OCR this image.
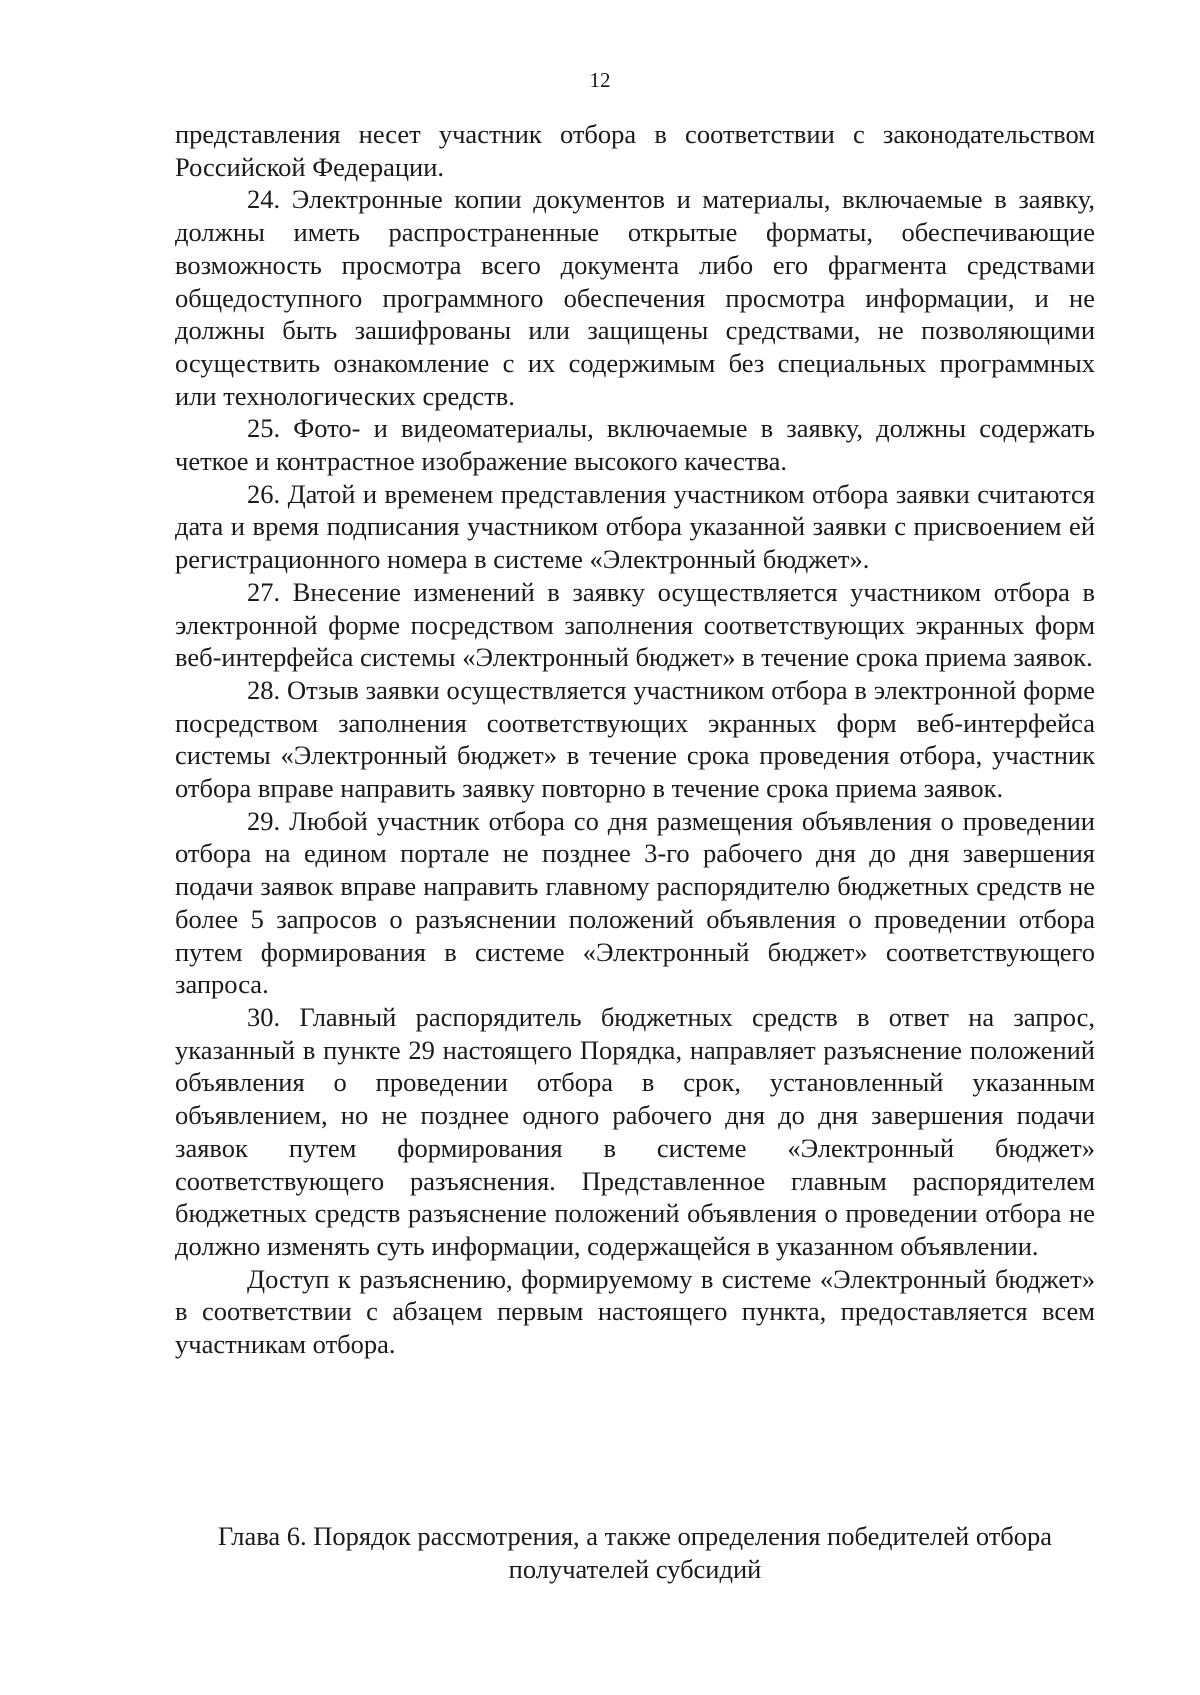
12

представления несет участник отбора в соответствии с законодательством Российской Федерации.

24. Электронные копии документов и материалы, включаемые в заявку, должны иметь распространенные открытые форматы, обеспечивающие возможность просмотра всего документа либо его фрагмента средствами общедоступного программного обеспечения просмотра информации, и не должны быть зашифрованы или защищены средствами, не позволяющими осуществить ознакомление с их содержимым без специальных программных или технологических средств.

25. Фото- и видеоматериалы, включаемые в заявку, должны содержать четкое и контрастное изображение высокого качества.

26. Датой и временем представления участником отбора заявки считаются дата и время подписания участником отбора указанной заявки с присвоением ей регистрационного номера в системе «Электронный бюджет».

27. Внесение изменений в заявку осуществляется участником отбора в электронной форме посредством заполнения соответствующих экранных форм веб-интерфейса системы «Электронный бюджет» в течение срока приема заявок.

28. Отзыв заявки осуществляется участником отбора в электронной форме посредством заполнения соответствующих экранных форм веб-интерфейса системы «Электронный бюджет» в течение срока проведения отбора, участник отбора вправе направить заявку повторно в течение срока приема заявок.

29. Любой участник отбора со дня размещения объявления о проведении отбора на едином портале не позднее 3-го рабочего дня до дня завершения подачи заявок вправе направить главному распорядителю бюджетных средств не более 5 запросов о разъяснении положений объявления о проведении отбора путем формирования в системе «Электронный бюджет» соответствующего запроса.

30. Главный распорядитель бюджетных средств в ответ на запрос, указанный в пункте 29 настоящего Порядка, направляет разъяснение положений объявления о проведении отбора в срок, установленный указанным объявлением, но не позднее одного рабочего дня до дня завершения подачи заявок путем формирования в системе «Электронный бюджет» соответствующего разъяснения. Представленное главным распорядителем бюджетных средств разъяснение положений объявления о проведении отбора не должно изменять суть информации, содержащейся в указанном объявлении.

Доступ к разъяснению, формируемому в системе «Электронный бюджет» в соответствии с абзацем первым настоящего пункта, предоставляется всем участникам отбора.

Глава 6. Порядок рассмотрения, а также определения победителей отбора получателей субсидий
